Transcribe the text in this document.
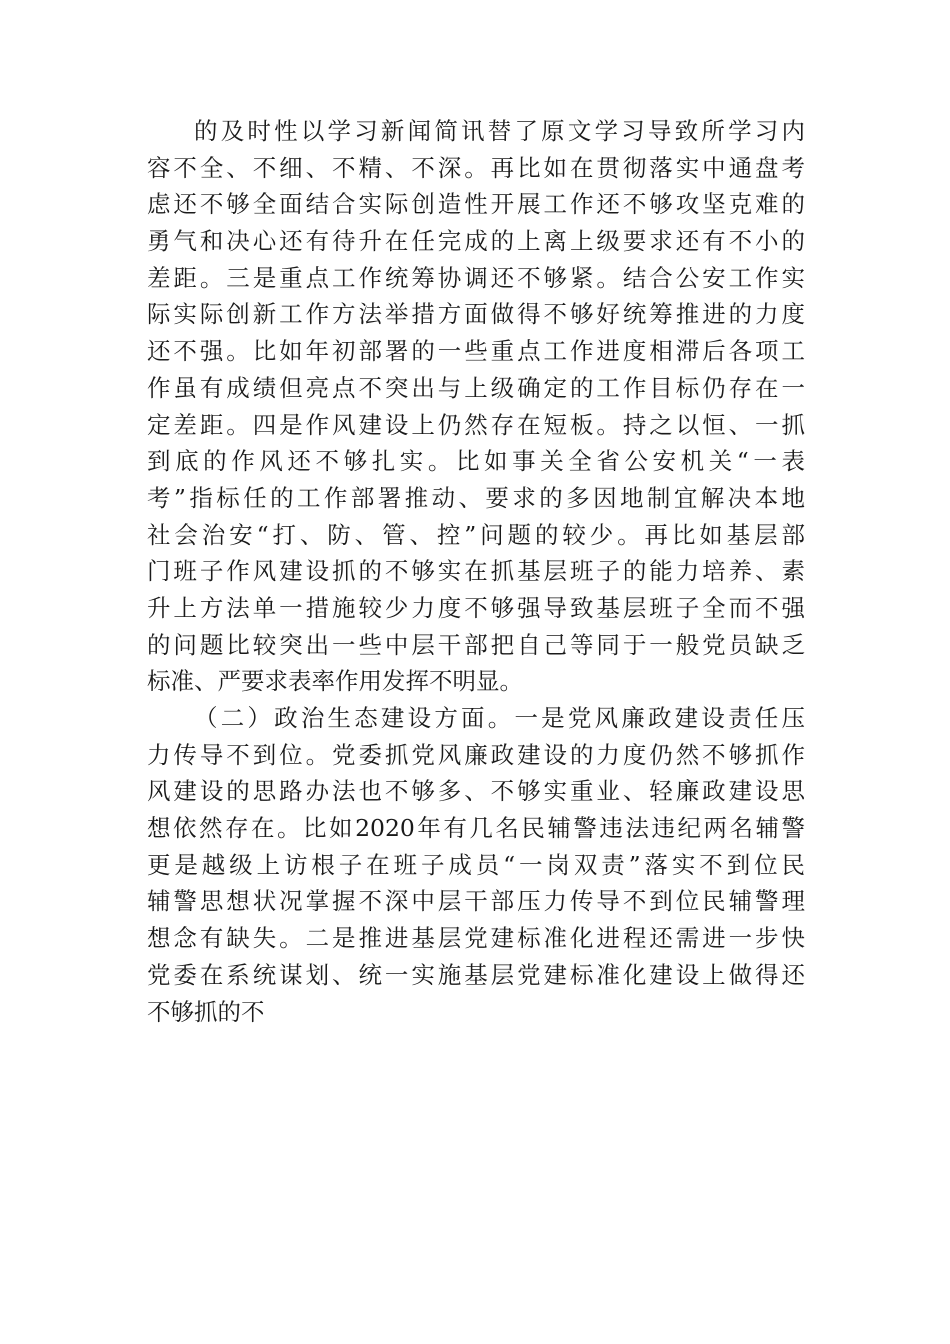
的及时性以学习新闻简讯替了原文学习导致所学习内
容不全、不细、不精、不深。再比如在贯彻落实中通盘考
虑还不够全面结合实际创造性开展工作还不够攻坚克难的
勇气和决心还有待升在任完成的上离上级要求还有不小的
差距。三是重点工作统筹协调还不够紧。结合公安工作实
际实际创新工作方法举措方面做得不够好统筹推进的力度
还不强。比如年初部署的一些重点工作进度相滞后各项工
作虽有成绩但亮点不突出与上级确定的工作目标仍存在一
定差距。四是作风建设上仍然存在短板。持之以恒、一抓
到底的作风还不够扎实。比如事关全省公安机关“一表
考”指标任的工作部署推动、要求的多因地制宜解决本地
社会治安“打、防、管、控”问题的较少。再比如基层部
门班子作风建设抓的不够实在抓基层班子的能力培养、素
升上方法单一措施较少力度不够强导致基层班子全而不强
的问题比较突出一些中层干部把自己等同于一般党员缺乏
标准、严要求表率作用发挥不明显。
（二）政治生态建设方面。一是党风廉政建设责任压
力传导不到位。党委抓党风廉政建设的力度仍然不够抓作
风建设的思路办法也不够多、不够实重业、轻廉政建设思
想依然存在。比如2020年有几名民辅警违法违纪两名辅警
更是越级上访根子在班子成员“一岗双责”落实不到位民
辅警思想状况掌握不深中层干部压力传导不到位民辅警理
想念有缺失。二是推进基层党建标准化进程还需进一步快
党委在系统谋划、统一实施基层党建标准化建设上做得还
不够抓的不
